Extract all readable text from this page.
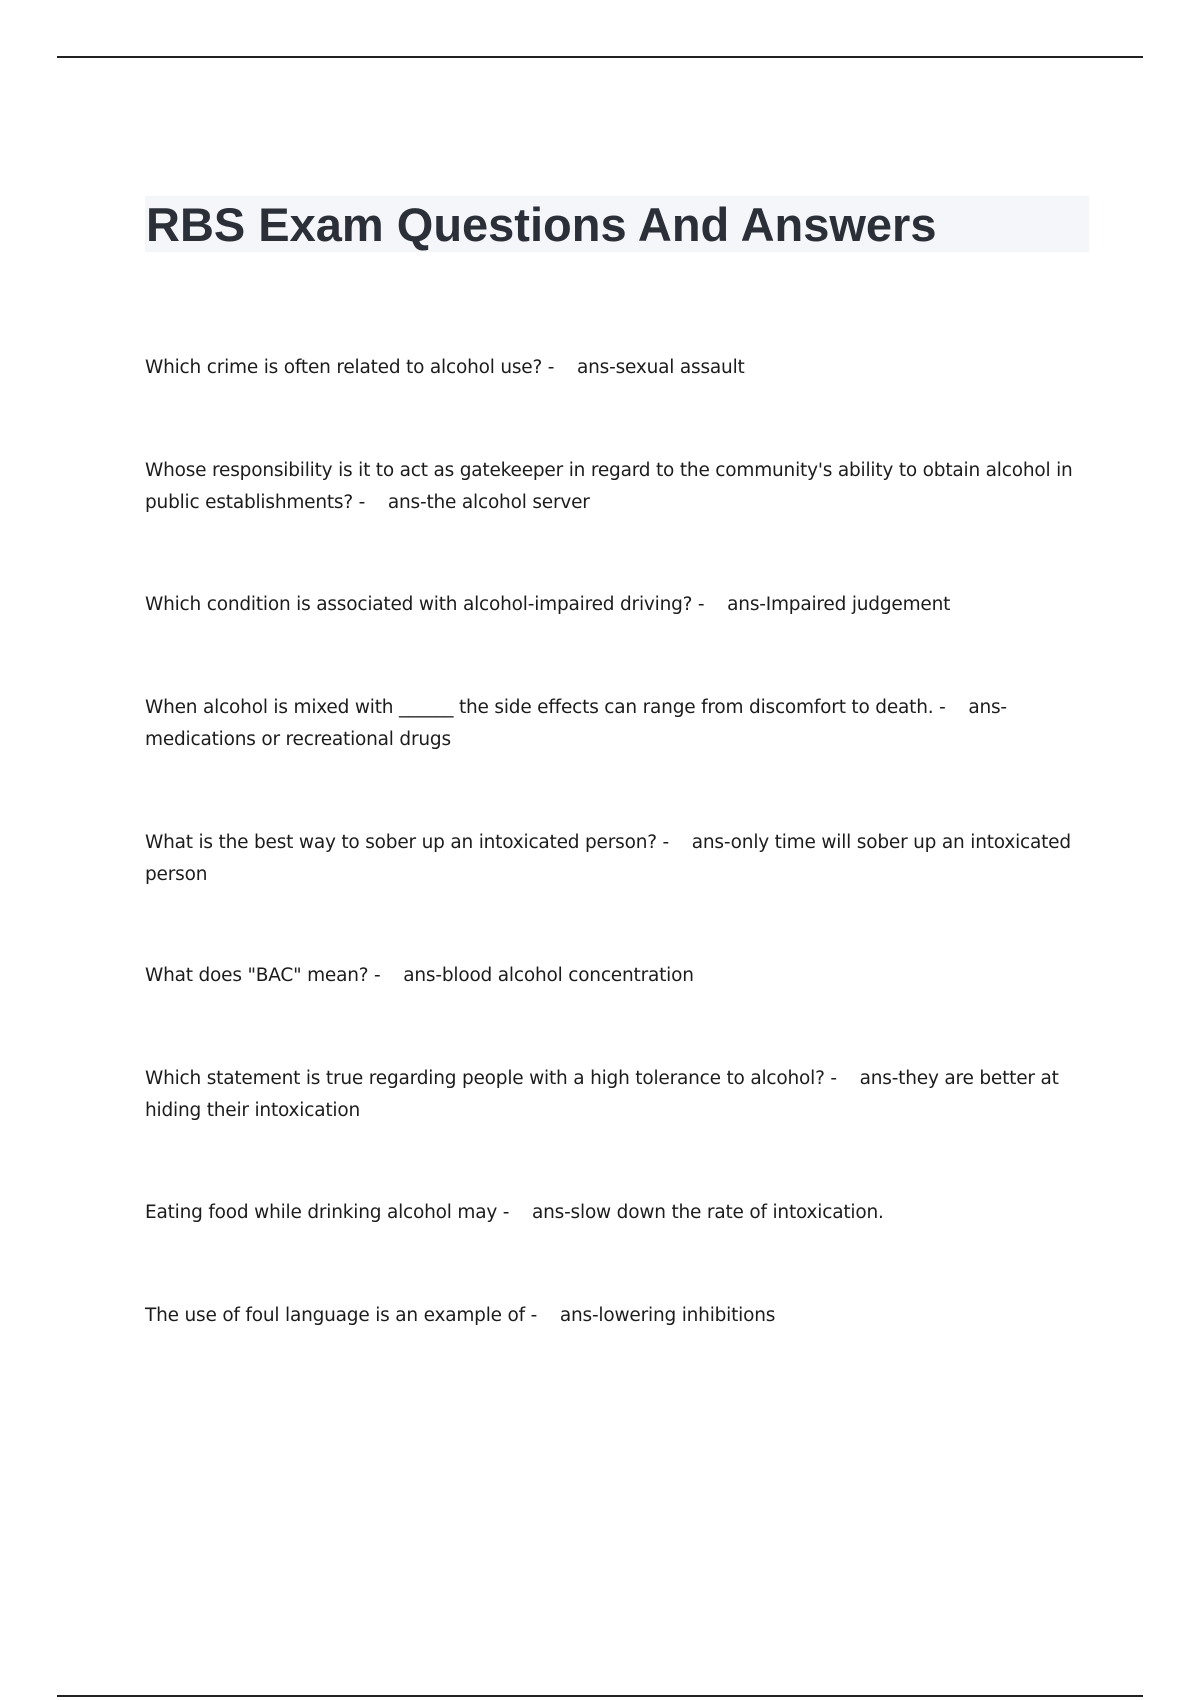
RBS Exam Questions And Answers
Which crime is often related to alcohol use? - ans-sexual assault
Whose responsibility is it to act as gatekeeper in regard to the community's ability to obtain alcohol in public establishments? - ans-the alcohol server
Which condition is associated with alcohol-impaired driving? - ans-Impaired judgement
When alcohol is mixed with ______ the side effects can range from discomfort to death. - ans-medications or recreational drugs
What is the best way to sober up an intoxicated person? - ans-only time will sober up an intoxicated person
What does "BAC" mean? - ans-blood alcohol concentration
Which statement is true regarding people with a high tolerance to alcohol? - ans-they are better at hiding their intoxication
Eating food while drinking alcohol may - ans-slow down the rate of intoxication.
The use of foul language is an example of - ans-lowering inhibitions
